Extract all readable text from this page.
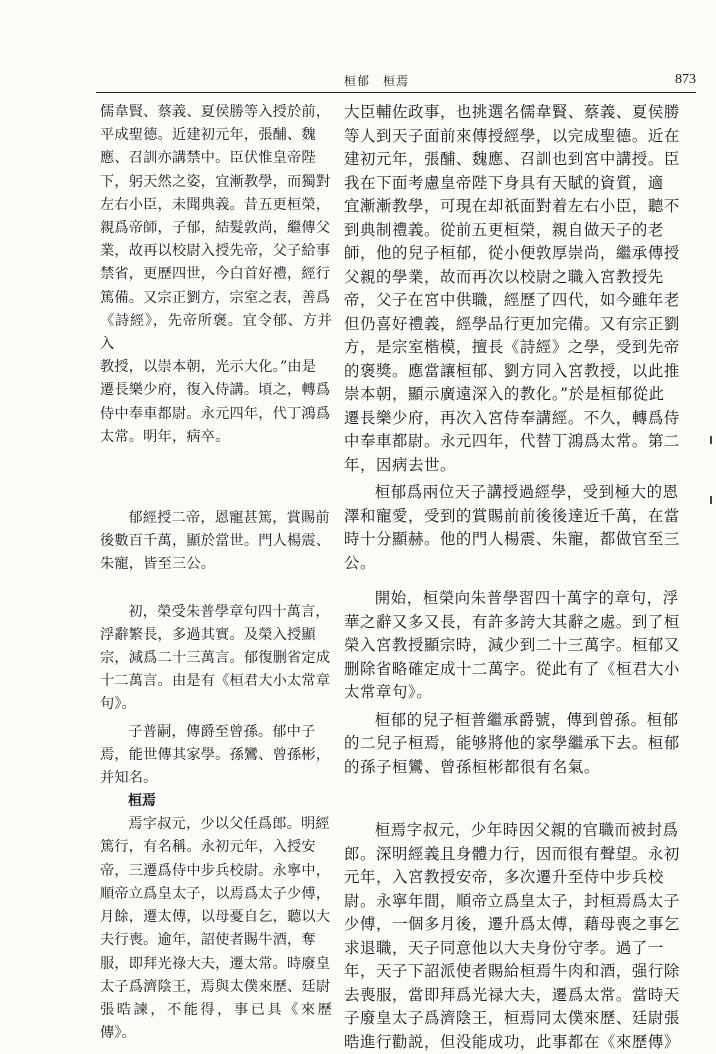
桓郁　桓焉	873

儒韋賢、蔡義、夏侯勝等入授於前，
平成聖德。近建初元年，張酺、魏
應、召訓亦講禁中。臣伏惟皇帝陛
下，躬天然之姿，宜漸教學，而獨對
左右小臣，未聞典義。昔五更桓榮，
親爲帝師，子郁，結髮敦尚，繼傳父
業，故再以校尉入授先帝，父子給事
禁省，更歷四世，今白首好禮，經行
篤備。又宗正劉方，宗室之表，善爲
《詩經》，先帝所褒。宜令郁、方并入
教授，以崇本朝，光示大化。”由是
遷長樂少府，復入侍講。頃之，轉爲
侍中奉車都尉。永元四年，代丁鴻爲
太常。明年，病卒。

郁經授二帝，恩寵甚篤，賞賜前
後數百千萬，顯於當世。門人楊震、
朱寵，皆至三公。

初，榮受朱普學章句四十萬言，
浮辭繁長，多過其實。及榮入授顯
宗，減爲二十三萬言。郁復删省定成
十二萬言。由是有《桓君大小太常章
句》。

子普嗣，傳爵至曾孫。郁中子
焉，能世傳其家學。孫鸞、曾孫彬，
并知名。

桓焉

焉字叔元，少以父任爲郎。明經
篤行，有名稱。永初元年，入授安
帝，三遷爲侍中步兵校尉。永寧中，
順帝立爲皇太子，以焉爲太子少傅，
月餘，遷太傅，以母憂自乞，聽以大
夫行喪。逾年，詔使者賜牛酒，奪
服，即拜光祿大夫，遷太常。時廢皇
太子爲濟陰王，焉與太僕來歷、廷尉
張晧諫，不能得，事已具《來歷傳》。

大臣輔佐政事，也挑選名儒韋賢、蔡義、夏侯勝
等人到天子面前來傳授經學，以完成聖德。近在
建初元年，張酺、魏應、召訓也到宮中講授。臣
我在下面考慮皇帝陛下身具有天賦的資質，適
宜漸漸教學，可現在却祇面對着左右小臣，聽不
到典制禮義。從前五更桓榮，親自做天子的老
師，他的兒子桓郁，從小便敦厚崇尚，繼承傳授
父親的學業，故而再次以校尉之職入宮教授先
帝，父子在宮中供職，經歷了四代，如今雖年老
但仍喜好禮義，經學品行更加完備。又有宗正劉
方，是宗室楷模，擅長《詩經》之學，受到先帝
的褒獎。應當讓桓郁、劉方同入宮教授，以此推
崇本朝，顯示廣遠深入的教化。”於是桓郁從此
遷長樂少府，再次入宮侍奉講經。不久，轉爲侍
中奉車都尉。永元四年，代替丁鴻爲太常。第二
年，因病去世。

桓郁爲兩位天子講授過經學，受到極大的恩
澤和寵愛，受到的賞賜前前後後達近千萬，在當
時十分顯赫。他的門人楊震、朱寵，都做官至三
公。

開始，桓榮向朱普學習四十萬字的章句，浮
華之辭又多又長，有許多誇大其辭之處。到了桓
榮入宮教授顯宗時，減少到二十三萬字。桓郁又
删除省略確定成十二萬字。從此有了《桓君大小
太常章句》。

桓郁的兒子桓普繼承爵號，傳到曾孫。桓郁
的二兒子桓焉，能够將他的家學繼承下去。桓郁
的孫子桓鸞、曾孫桓彬都很有名氣。

桓焉字叔元，少年時因父親的官職而被封爲
郎。深明經義且身體力行，因而很有聲望。永初
元年，入宮教授安帝，多次遷升至侍中步兵校
尉。永寧年間，順帝立爲皇太子，封桓焉爲太子
少傅，一個多月後，遷升爲太傅，藉母喪之事乞
求退職，天子同意他以大夫身份守孝。過了一
年，天子下詔派使者賜給桓焉牛肉和酒，强行除
去喪服，當即拜爲光禄大夫，遷爲太常。當時天
子廢皇太子爲濟陰王，桓焉同太僕來歷、廷尉張
晧進行勸説，但没能成功，此事都在《來歷傳》
